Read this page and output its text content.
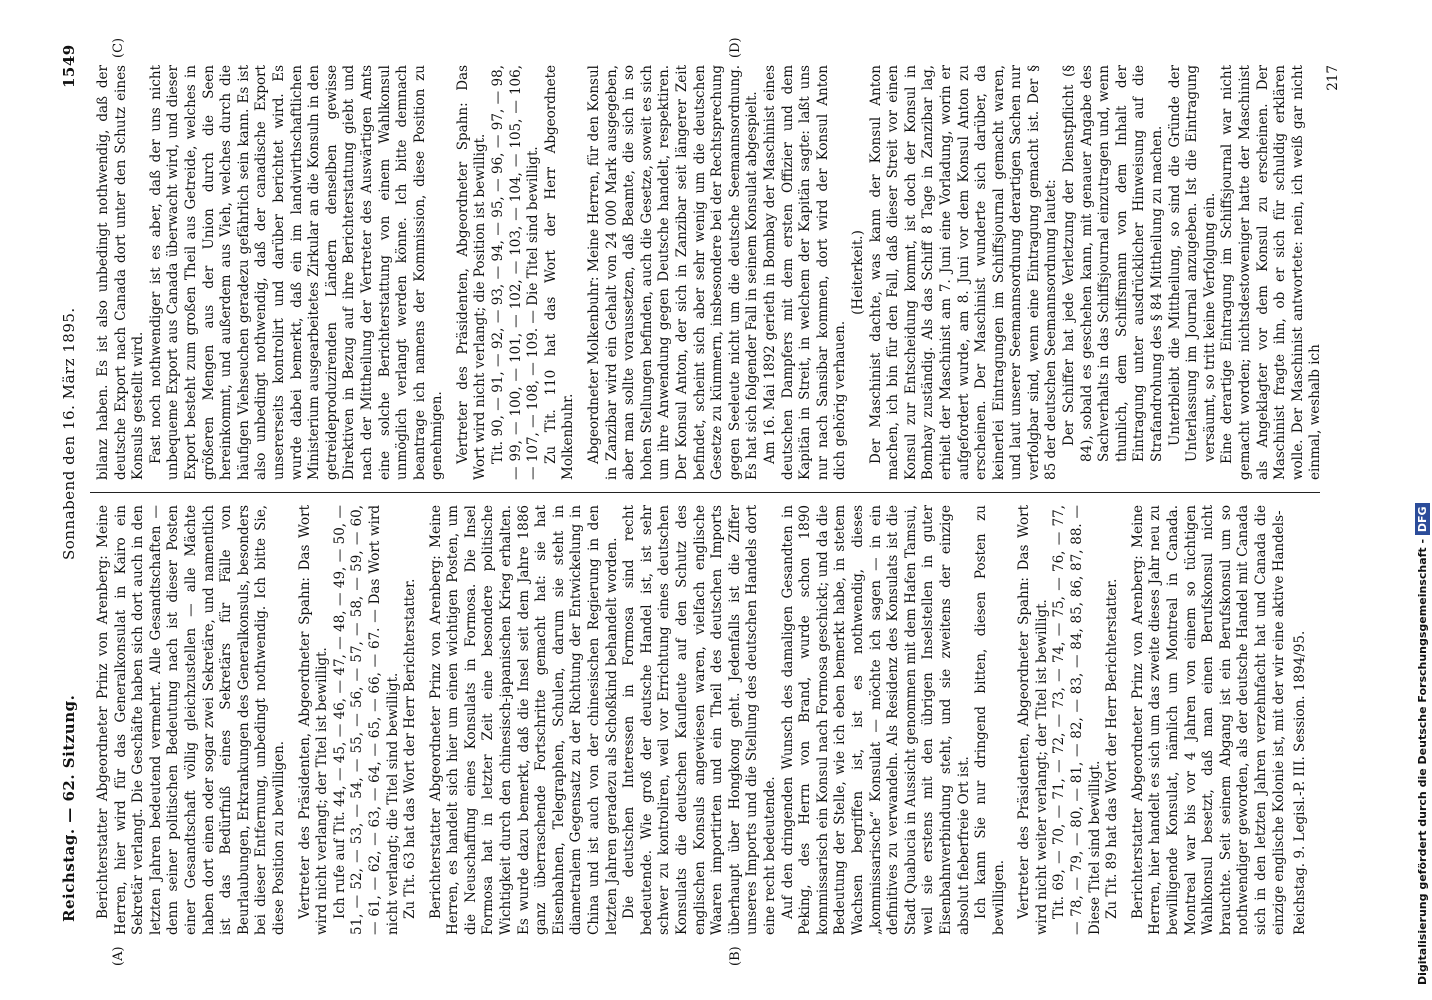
Reichstag. — 62. Sitzung.
Sonnabend den 16. März 1895.
1549
(A)	(B)
(C)	(D)

Berichterstatter Abgeordneter Prinz von Arenberg: Meine Herren, hier wird für das Generalkonsulat in Kairo ein Sekretär verlangt. Die Geschäfte haben sich dort auch in den letzten Jahren bedeutend vermehrt. Alle Gesandtschaften — denn seiner politischen Bedeutung nach ist dieser Posten einer Gesandtschaft völlig gleichzustellen — alle Mächte haben dort einen oder sogar zwei Sekretäre, und namentlich ist das Bedürfniß eines Sekretärs für Fälle von Beurlaubungen, Erkrankungen des Generalkonsuls, besonders bei dieser Entfernung, unbedingt nothwendig. Ich bitte Sie, diese Position zu bewilligen. Vertreter des Präsidenten, Abgeordneter Spahn: Das Wort wird nicht verlangt; der Titel ist bewilligt. Ich rufe auf Tit. 44, — 45, — 46, — 47, — 48, — 49, — 50, — 51, — 52, — 53, — 54, — 55, — 56, — 57, — 58, — 59, — 60, — 61, — 62, — 63, — 64, — 65, — 66, — 67. — Das Wort wird nicht verlangt; die Titel sind bewilligt. Zu Tit. 63 hat das Wort der Herr Berichterstatter. Berichterstatter Abgeordneter Prinz von Arenberg: Meine Herren, es handelt sich hier um einen wichtigen Posten, um die Neuschaffung eines Konsulats in Formosa. Die Insel Formosa hat in letzter Zeit eine besondere politische Wichtigkeit durch den chinesisch-japanischen Krieg erhalten. Es wurde dazu bemerkt, daß die Insel seit dem Jahre 1886 ganz überraschende Fortschritte gemacht hat: sie hat Eisenbahnen, Telegraphen, Schulen, darum sie steht in diametralem Gegensatz zu der Richtung der Entwickelung in China und ist auch von der chinesischen Regierung in den letzten Jahren geradezu als Schoßkind behandelt worden. Die deutschen Interessen in Formosa sind recht bedeutende. Wie groß der deutsche Handel ist, ist sehr schwer zu kontroliren, weil vor Errichtung eines deutschen Konsulats die deutschen Kaufleute auf den Schutz des englischen Konsuls angewiesen waren, vielfach englische Waaren importirten und ein Theil des deutschen Imports überhaupt über Hongkong geht. Jedenfalls ist die Ziffer unseres Imports und die Stellung des deutschen Handels dort eine recht bedeutende. Auf den dringenden Wunsch des damaligen Gesandten in Peking, des Herrn von Brand, wurde schon 1890 kommissarisch ein Konsul nach Formosa geschickt; und da die Bedeutung der Stelle, wie ich eben bemerkt habe, in stetem Wachsen begriffen ist, ist es nothwendig, dieses „kommissarische“ Konsulat — möchte ich sagen — in ein definitives zu verwandeln. Als Residenz des Konsulats ist die Stadt Quabucia in Aussicht genommen mit dem Hafen Tamsui, weil sie erstens mit den übrigen Inselstellen in guter Eisenbahnverbindung steht, und sie zweitens der einzige absolut fieberfreie Ort ist. Ich kann Sie nur dringend bitten, diesen Posten zu bewilligen. Vertreter des Präsidenten, Abgeordneter Spahn: Das Wort wird nicht weiter verlangt; der Titel ist bewilligt. Tit. 69, — 70, — 71, — 72, — 73, — 74, — 75, — 76, — 77, — 78, — 79, — 80, — 81, — 82, — 83, — 84, 85, 86, 87, 88. — Diese Titel sind bewilligt. Zu Tit. 89 hat das Wort der Herr Berichterstatter. Berichterstatter Abgeordneter Prinz von Arenberg: Meine Herren, hier handelt es sich um das zweite dieses Jahr neu zu bewilligende Konsulat, nämlich um Montreal in Canada. Montreal war bis vor 4 Jahren von einem so tüchtigen Wahlkonsul besetzt, daß man einen Berufskonsul nicht brauchte. Seit seinem Abgang ist ein Berufskonsul um so nothwendiger geworden, als der deutsche Handel mit Canada sich in den letzten Jahren verzehnfacht hat und Canada die einzige englische Kolonie ist, mit der wir eine aktive Handels- Reichstag. 9. Legisl.-P. III. Session. 1894/95.

bilanz haben. Es ist also unbedingt nothwendig, daß der deutsche Export nach Canada dort unter den Schutz eines Konsuls gestellt wird. Fast noch nothwendiger ist es aber, daß der uns nicht unbequeme Export aus Canada überwacht wird, und dieser Export besteht zum großen Theil aus Getreide, welches in größeren Mengen aus der Union durch die Seen hereinkommt, und außerdem aus Vieh, welches durch die häufigen Viehseuchen geradezu gefährlich sein kann. Es ist also unbedingt nothwendig, daß der canadische Export unsererseits kontrolirt und darüber berichtet wird. Es wurde dabei bemerkt, daß ein im landwirthschaftlichen Ministerium ausgearbeitetes Zirkular an die Konsuln in den getreideproduzirenden Ländern denselben gewisse Direktiven in Bezug auf ihre Berichterstattung giebt und nach der Mittheilung der Vertreter des Auswärtigen Amts eine solche Berichterstattung von einem Wahlkonsul unmöglich verlangt werden könne. Ich bitte demnach beantrage ich namens der Kommission, diese Position zu genehmigen. Vertreter des Präsidenten, Abgeordneter Spahn: Das Wort wird nicht verlangt; die Position ist bewilligt. Tit. 90, — 91, — 92, — 93, — 94, — 95, — 96, — 97, — 98, — 99, — 100, — 101, — 102, — 103, — 104, — 105, — 106, — 107, — 108, — 109. — Die Titel sind bewilligt. Zu Tit. 110 hat das Wort der Herr Abgeordnete Molkenbuhr. Abgeordneter Molkenbuhr: Meine Herren, für den Konsul in Zanzibar wird ein Gehalt von 24 000 Mark ausgegeben, aber man sollte voraussetzen, daß Beamte, die sich in so hohen Stellungen befinden, auch die Gesetze, soweit es sich um ihre Anwendung gegen Deutsche handelt, respektiren. Der Konsul Anton, der sich in Zanzibar seit längerer Zeit befindet, scheint sich aber sehr wenig um die deutschen Gesetze zu kümmern, insbesondere bei der Rechtsprechung gegen Seeleute nicht um die deutsche Seemannsordnung. Es hat sich folgender Fall in seinem Konsulat abgespielt. Am 16. Mai 1892 gerieth in Bombay der Maschinist eines deutschen Dampfers mit dem ersten Offizier und dem Kapitän in Streit, in welchem der Kapitän sagte: laßt uns nur nach Sansibar kommen, dort wird der Konsul Anton dich gehörig verhauen.

(Heiterkeit.) Der Maschinist dachte, was kann der Konsul Anton machen, ich bin für den Fall, daß dieser Streit vor einen Konsul zur Entscheidung kommt, ist doch der Konsul in Bombay zuständig. Als das Schiff 8 Tage in Zanzibar lag, erhielt der Maschinist am 7. Juni eine Vorladung, worin er aufgefordert wurde, am 8. Juni vor dem Konsul Anton zu erscheinen. Der Maschinist wunderte sich darüber, da keinerlei Eintragungen im Schiffsjournal gemacht waren, und laut unserer Seemannsordnung derartigen Sachen nur verfolgbar sind, wenn eine Eintragung gemacht ist. Der § 85 der deutschen Seemannsordnung lautet: Der Schiffer hat jede Verletzung der Dienstpflicht (§ 84), sobald es geschehen kann, mit genauer Angabe des Sachverhalts in das Schiffsjournal einzutragen und, wenn thunlich, dem Schiffsmann von dem Inhalt der Eintragung unter ausdrücklicher Hinweisung auf die Strafandrohung des § 84 Mittheilung zu machen. Unterbleibt die Mittheilung, so sind die Gründe der Unterlassung im Journal anzugeben. Ist die Eintragung versäumt, so tritt keine Verfolgung ein. Eine derartige Eintragung im Schiffsjournal war nicht gemacht worden; nichtsdestoweniger hatte der Maschinist als Angeklagter vor dem Konsul zu erscheinen. Der Maschinist fragte ihn, ob er sich für schuldig erklären wolle. Der Maschinist antwortete: nein, ich weiß gar nicht einmal, weshalb ich

217

Digitalisierung gefördert durch die Deutsche Forschungsgemeinschaft - DFG
